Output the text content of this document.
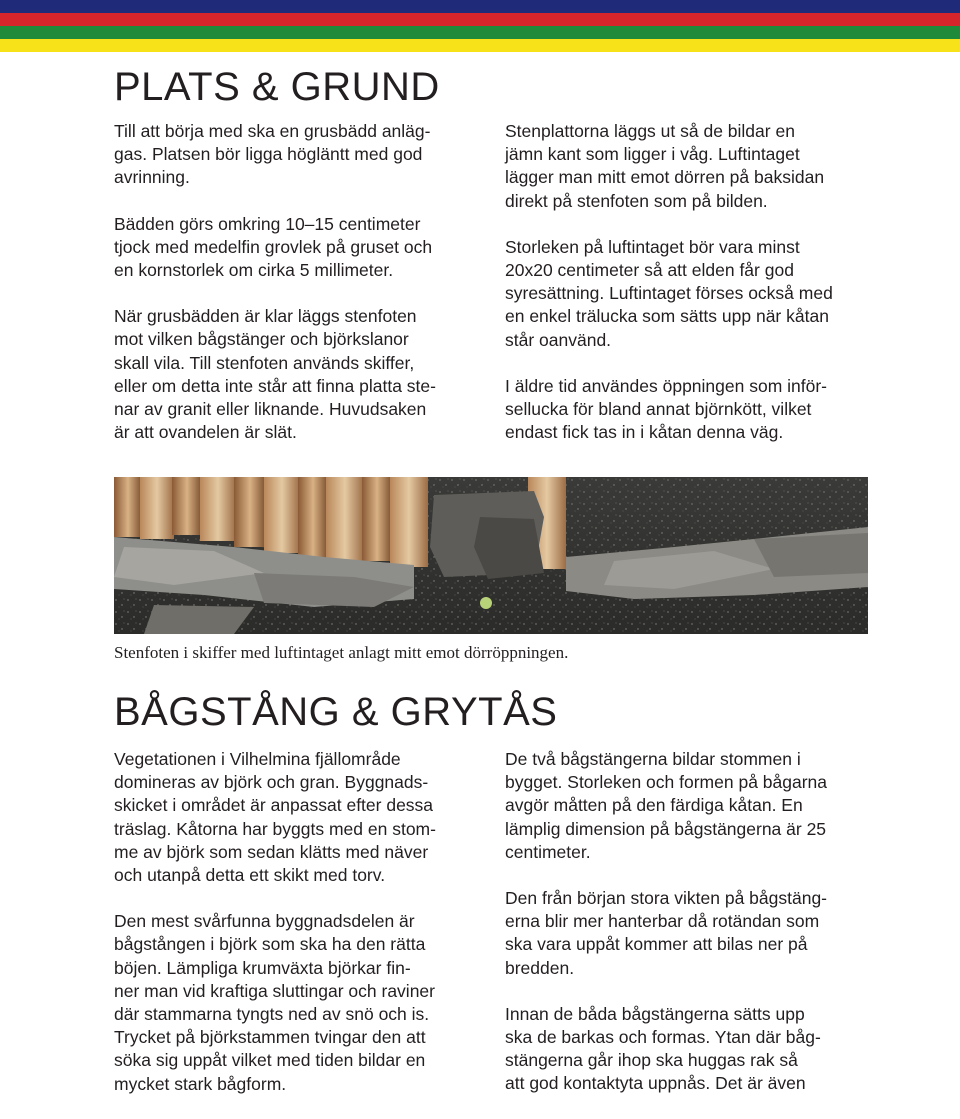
PLATS & GRUND

Till att börja med ska en grusbädd anläg-
gas. Platsen bör ligga högläntt med god
avrinning.

Bädden görs omkring 10–15 centimeter
tjock med medelfin grovlek på gruset och
en kornstorlek om cirka 5 millimeter.

När grusbädden är klar läggs stenfoten
mot vilken bågstänger och björkslanor
skall vila. Till stenfoten används skiffer,
eller om detta inte står att finna platta ste-
nar av granit eller liknande. Huvudsaken
är att ovandelen är slät.

Stenplattorna läggs ut så de bildar en
jämn kant som ligger i våg. Luftintaget
lägger man mitt emot dörren på baksidan
direkt på stenfoten som på bilden.

Storleken på luftintaget bör vara minst
20x20 centimeter så att elden får god
syresättning. Luftintaget förses också med
en enkel trälucka som sätts upp när kåtan
står oanvänd.

I äldre tid användes öppningen som inför-
sellucka för bland annat björnkött, vilket
endast fick tas in i kåtan denna väg.

Stenfoten i skiffer med luftintaget anlagt mitt emot dörröppningen.
BÅGSTÅNG & GRYTÅS

Vegetationen i Vilhelmina fjällområde
domineras av björk och gran. Byggnads-
skicket i området är anpassat efter dessa
träslag. Kåtorna har byggts med en stom-
me av björk som sedan klätts med näver
och utanpå detta ett skikt med torv.

Den mest svårfunna byggnadsdelen är
bågstången i björk som ska ha den rätta
böjen. Lämpliga krumväxta björkar fin-
ner man vid kraftiga sluttingar och raviner
där stammarna tyngts ned av snö och is.
Trycket på björkstammen tvingar den att
söka sig uppåt vilket med tiden bildar en
mycket stark bågform.

De två bågstängerna bildar stommen i
bygget. Storleken och formen på bågarna
avgör måtten på den färdiga kåtan. En
lämplig dimension på bågstängerna är 25
centimeter.

Den från början stora vikten på bågstäng-
erna blir mer hanterbar då rotändan som
ska vara uppåt kommer att bilas ner på
bredden.

Innan de båda bågstängerna sätts upp
ska de barkas och formas. Ytan där båg-
stängerna går ihop ska huggas rak så
att god kontaktyta uppnås. Det är även
